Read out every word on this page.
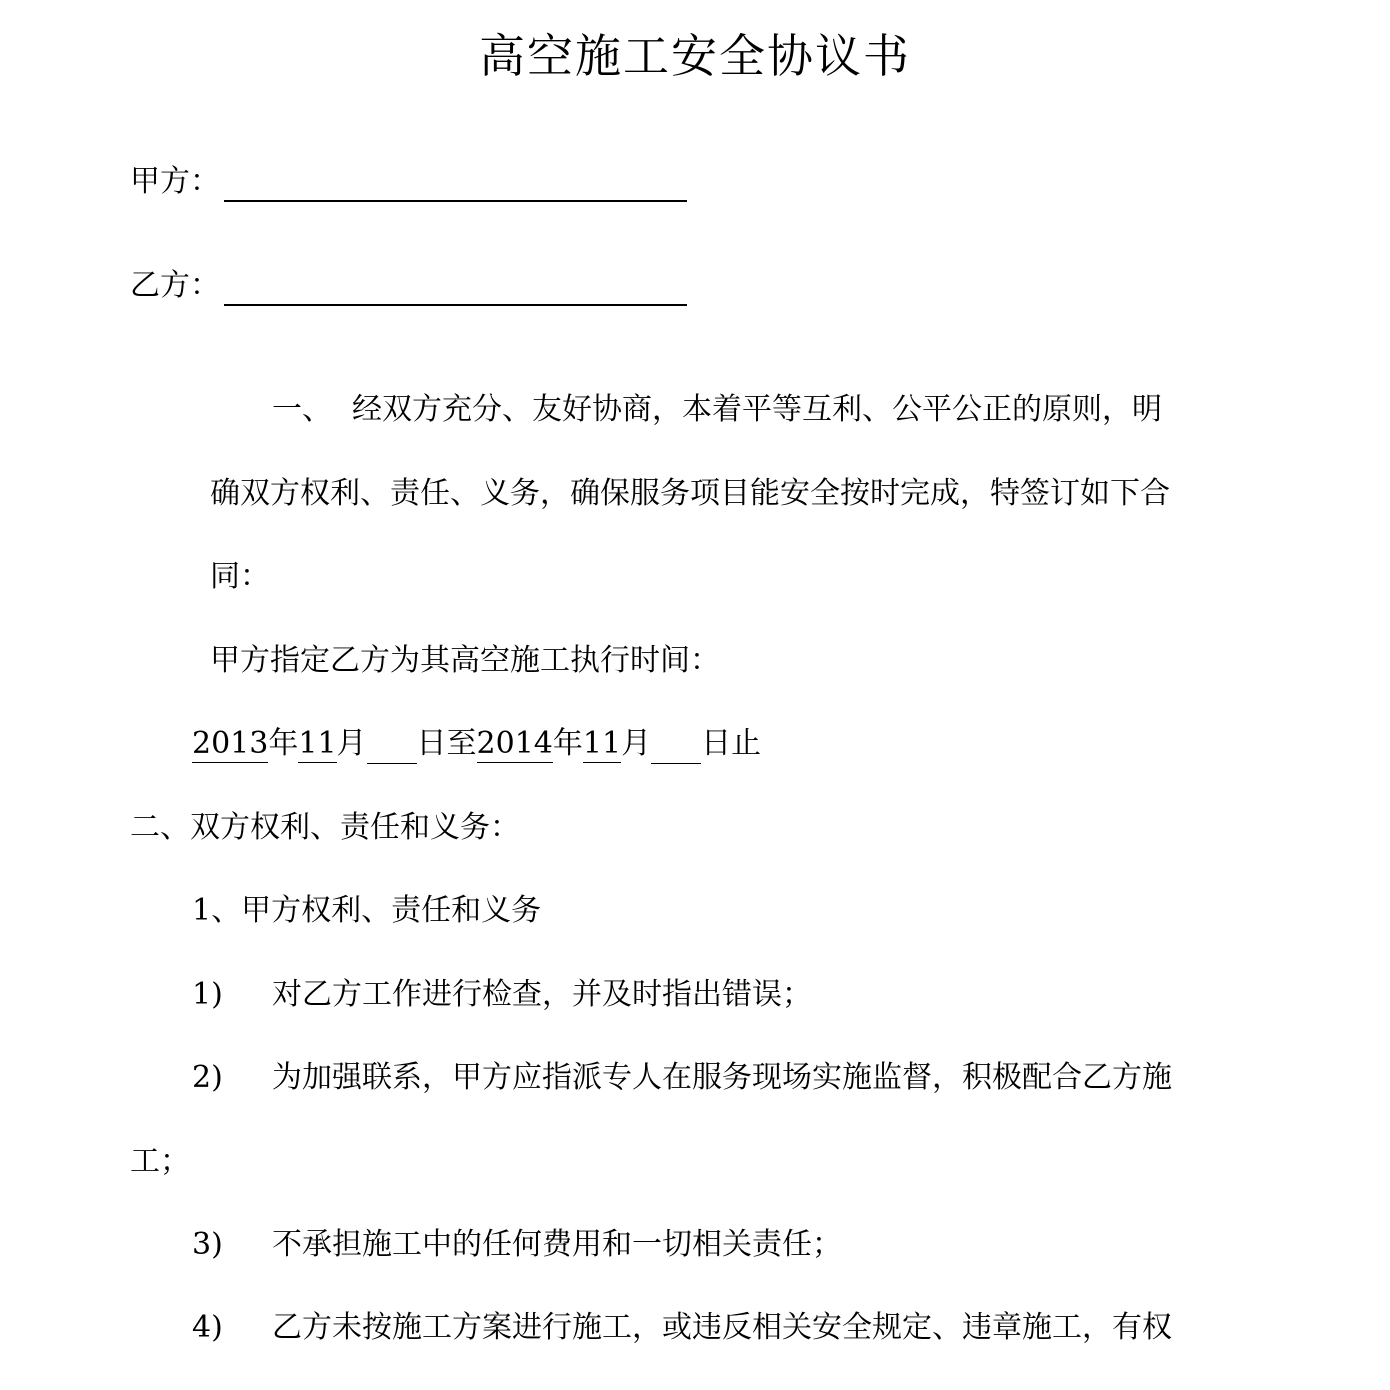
高空施工安全协议书
甲方：
乙方：
一、 经双方充分、友好协商，本着平等互利、公平公正的原则，明
确双方权利、责任、义务，确保服务项目能安全按时完成，特签订如下合
同：
甲方指定乙方为其高空施工执行时间：
2013年11月 日至2014年11月 日止
二、双方权利、责任和义务：
1、甲方权利、责任和义务
1) 对乙方工作进行检查，并及时指出错误；
2) 为加强联系，甲方应指派专人在服务现场实施监督，积极配合乙方施
工；
3) 不承担施工中的任何费用和一切相关责任；
4) 乙方未按施工方案进行施工，或违反相关安全规定、违章施工，有权
